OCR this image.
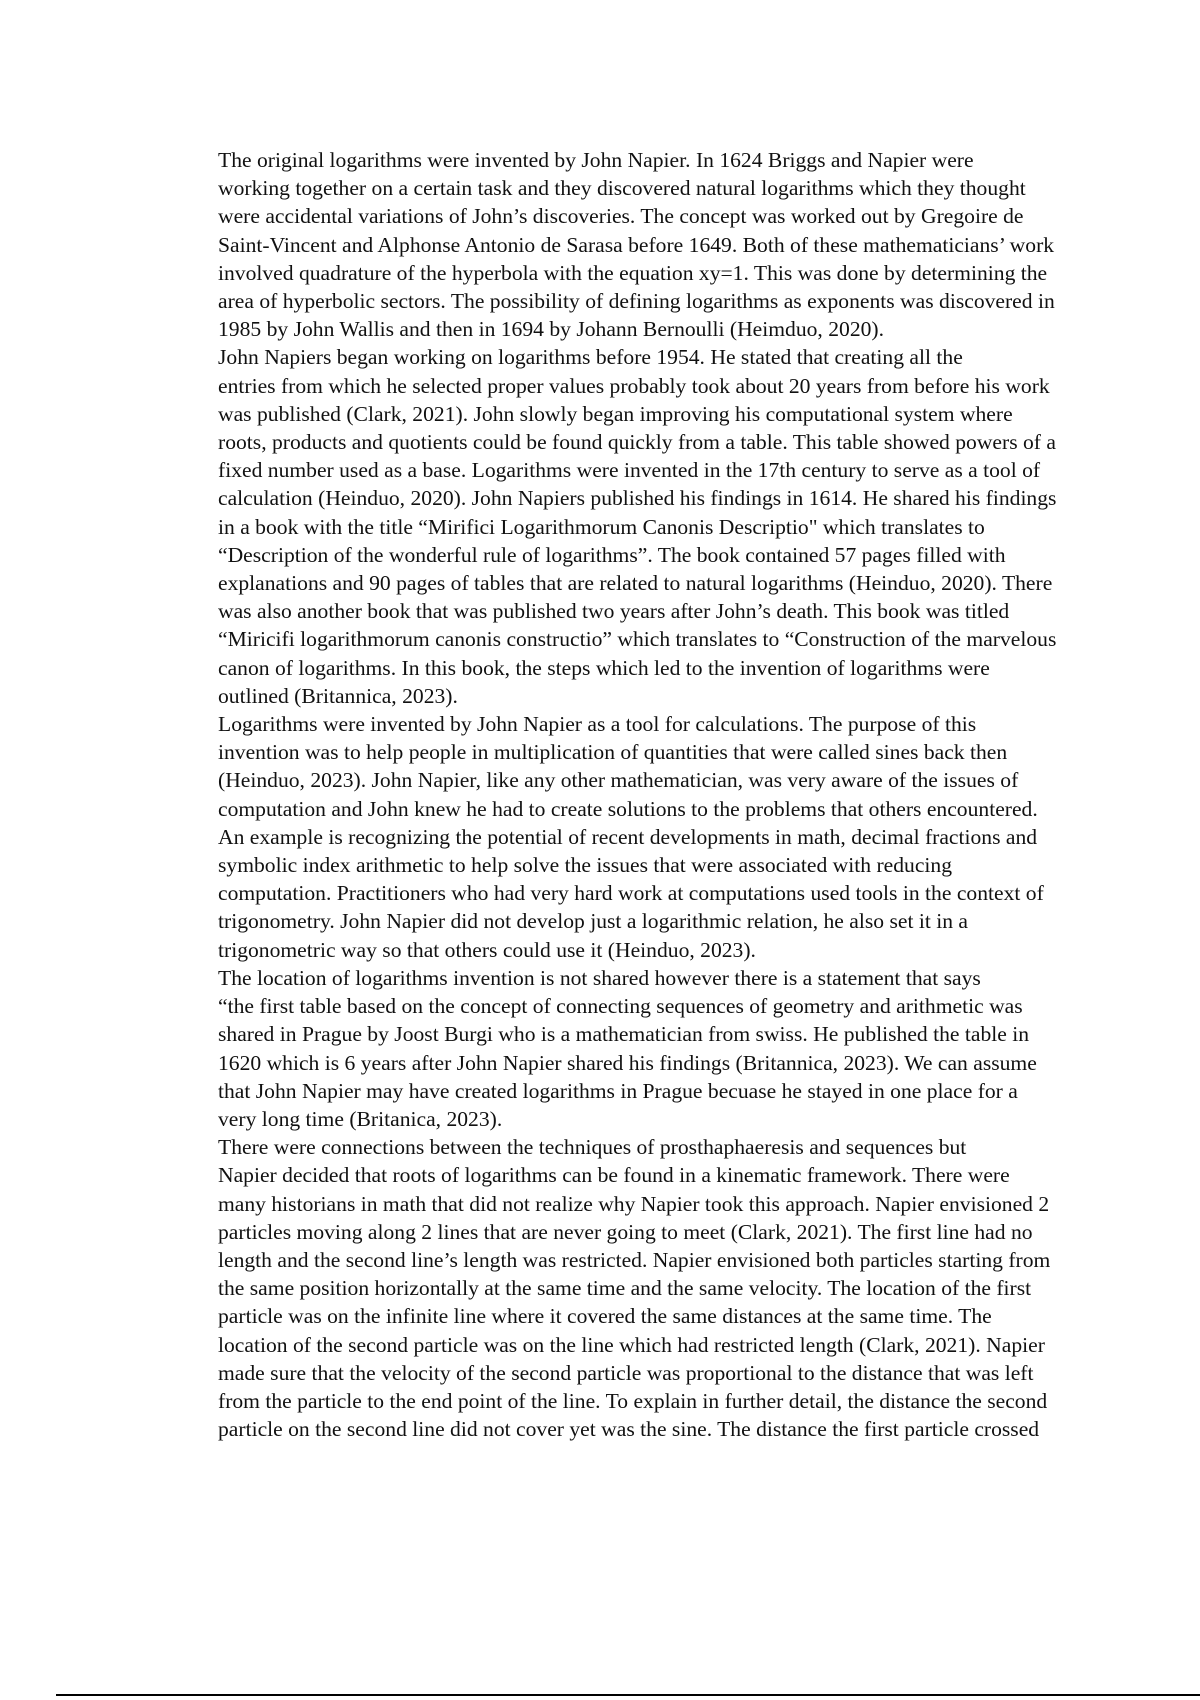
The original logarithms were invented by John Napier. In 1624 Briggs and Napier were
working together on a certain task and they discovered natural logarithms which they thought
were accidental variations of John’s discoveries. The concept was worked out by Gregoire de
Saint-Vincent and Alphonse Antonio de Sarasa before 1649. Both of these mathematicians’ work
involved quadrature of the hyperbola with the equation xy=1. This was done by determining the
area of hyperbolic sectors. The possibility of defining logarithms as exponents was discovered in
1985 by John Wallis and then in 1694 by Johann Bernoulli (Heimduo, 2020).

John Napiers began working on logarithms before 1954. He stated that creating all the
entries from which he selected proper values probably took about 20 years from before his work
was published (Clark, 2021). John slowly began improving his computational system where
roots, products and quotients could be found quickly from a table. This table showed powers of a
fixed number used as a base. Logarithms were invented in the 17th century to serve as a tool of
calculation (Heinduo, 2020). John Napiers published his findings in 1614. He shared his findings
in a book with the title “Mirifici Logarithmorum Canonis Descriptio" which translates to
“Description of the wonderful rule of logarithms”. The book contained 57 pages filled with
explanations and 90 pages of tables that are related to natural logarithms (Heinduo, 2020). There
was also another book that was published two years after John’s death. This book was titled
“Miricifi logarithmorum canonis constructio” which translates to “Construction of the marvelous
canon of logarithms. In this book, the steps which led to the invention of logarithms were
outlined (Britannica, 2023).

Logarithms were invented by John Napier as a tool for calculations. The purpose of this
invention was to help people in multiplication of quantities that were called sines back then
(Heinduo, 2023). John Napier, like any other mathematician, was very aware of the issues of
computation and John knew he had to create solutions to the problems that others encountered.
An example is recognizing the potential of recent developments in math, decimal fractions and
symbolic index arithmetic to help solve the issues that were associated with reducing
computation. Practitioners who had very hard work at computations used tools in the context of
trigonometry. John Napier did not develop just a logarithmic relation, he also set it in a
trigonometric way so that others could use it (Heinduo, 2023).

The location of logarithms invention is not shared however there is a statement that says
“the first table based on the concept of connecting sequences of geometry and arithmetic was
shared in Prague by Joost Burgi who is a mathematician from swiss. He published the table in
1620 which is 6 years after John Napier shared his findings (Britannica, 2023). We can assume
that John Napier may have created logarithms in Prague becuase he stayed in one place for a
very long time (Britanica, 2023).

There were connections between the techniques of prosthaphaeresis and sequences but
Napier decided that roots of logarithms can be found in a kinematic framework. There were
many historians in math that did not realize why Napier took this approach. Napier envisioned 2
particles moving along 2 lines that are never going to meet (Clark, 2021). The first line had no
length and the second line’s length was restricted. Napier envisioned both particles starting from
the same position horizontally at the same time and the same velocity. The location of the first
particle was on the infinite line where it covered the same distances at the same time. The
location of the second particle was on the line which had restricted length (Clark, 2021). Napier
made sure that the velocity of the second particle was proportional to the distance that was left
from the particle to the end point of the line. To explain in further detail, the distance the second
particle on the second line did not cover yet was the sine. The distance the first particle crossed
